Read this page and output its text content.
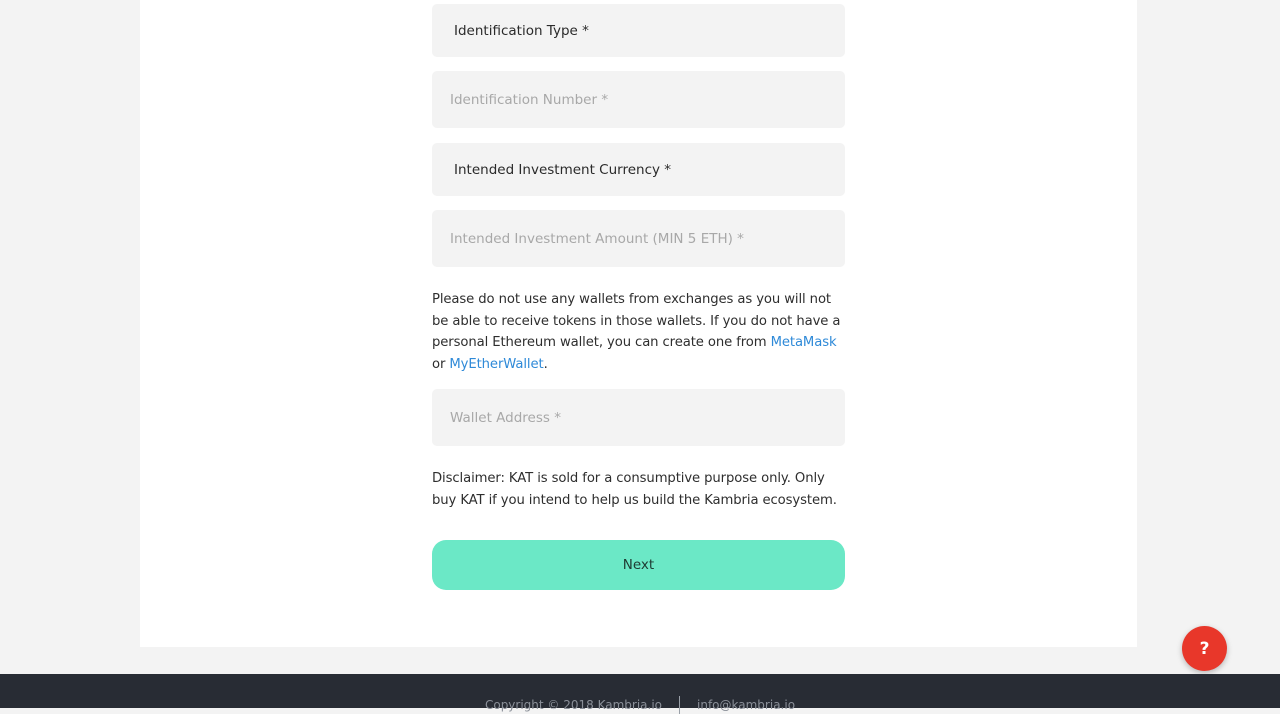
Identification Type *
Identification Number *
Intended Investment Currency *
Intended Investment Amount (MIN 5 ETH) *

Please do not use any wallets from exchanges as you will not be able to receive tokens in those wallets. If you do not have a personal Ethereum wallet, you can create one from MetaMask or MyEtherWallet.

Wallet Address *

Disclaimer: KAT is sold for a consumptive purpose only. Only buy KAT if you intend to help us build the Kambria ecosystem.

Next
?
Copyright © 2018 Kambria.io	info@kambria.io
